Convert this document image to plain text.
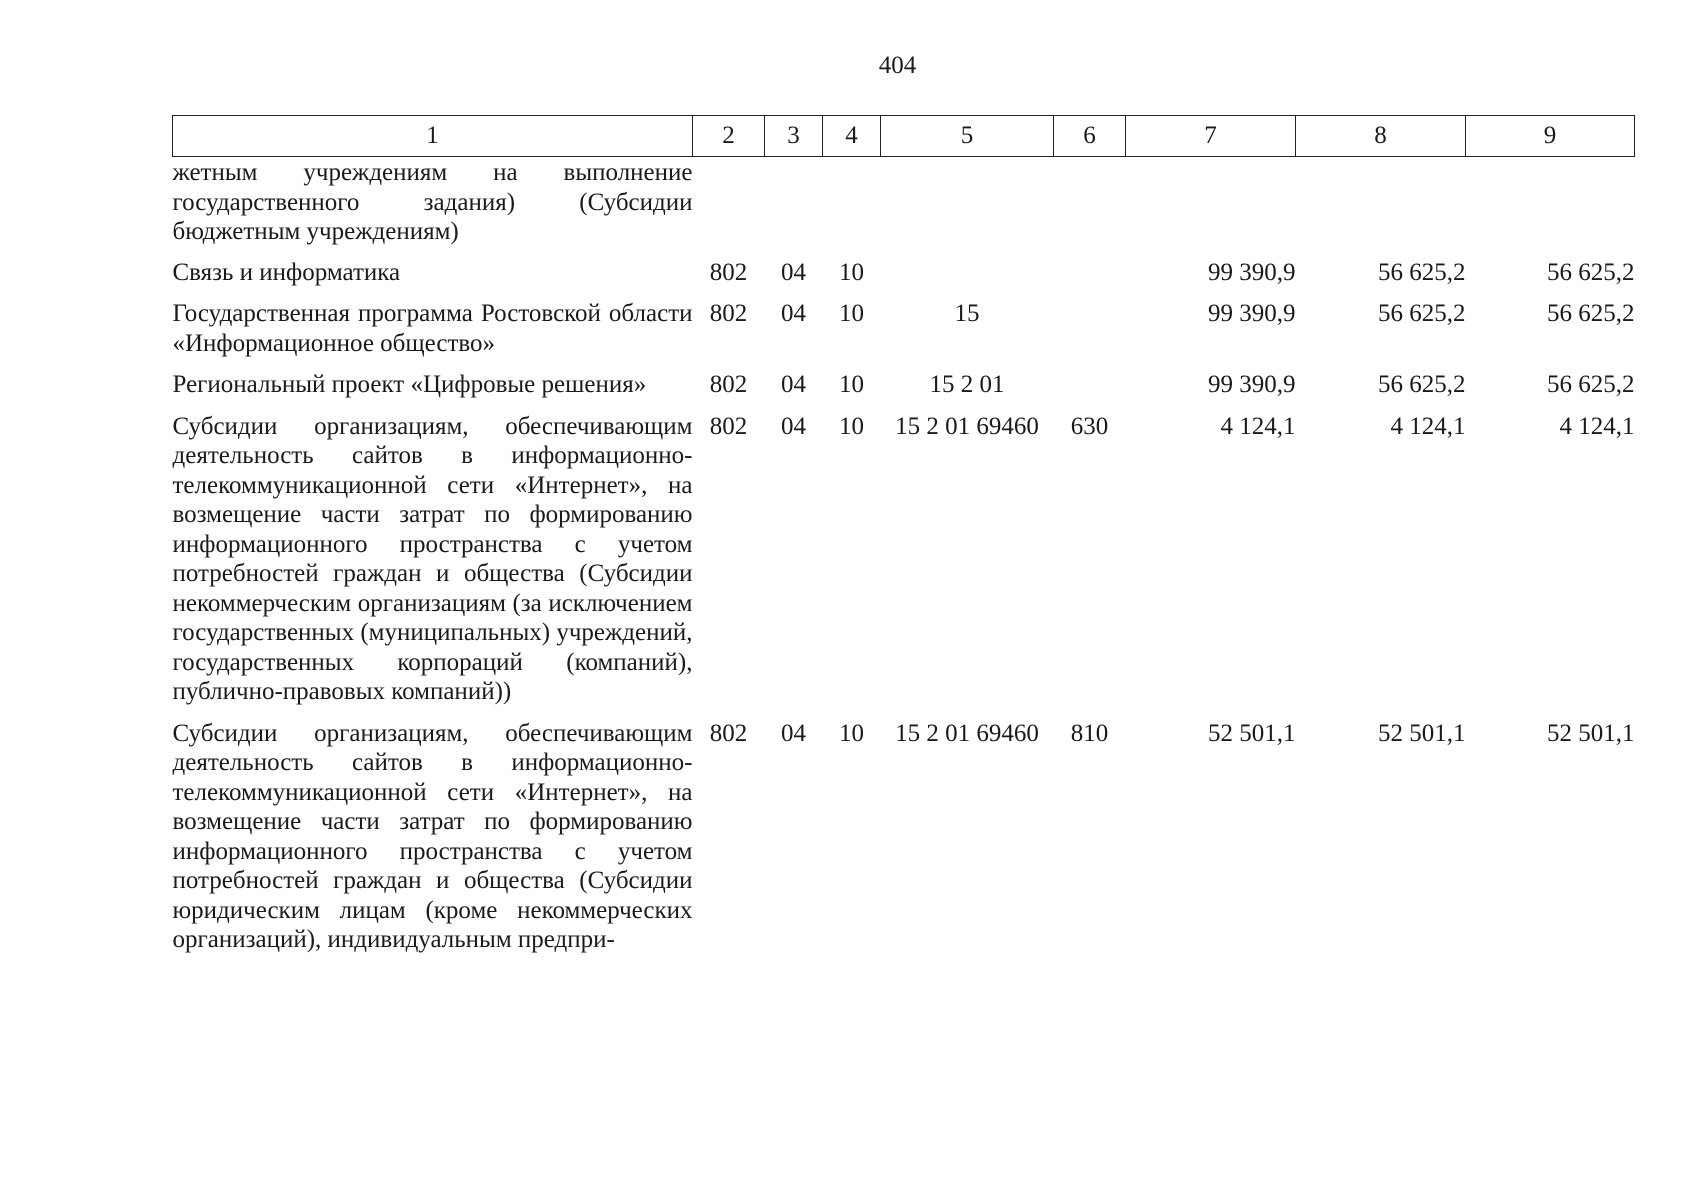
404
1	2	3	4	5	6	7	8	9
жетным учреждениям на выполнение государственного задания) (Субсидии бюджетным учреждениям)								
Связь и информатика	802	04	10			99 390,9	56 625,2	56 625,2
Государственная программа Ростовской области «Информационное общество»	802	04	10	15		99 390,9	56 625,2	56 625,2
Региональный проект «Цифровые решения»	802	04	10	15 2 01		99 390,9	56 625,2	56 625,2
Субсидии организациям, обеспечивающим деятельность сайтов в информационно-телекоммуникационной сети «Интернет», на возмещение части затрат по формированию информационного пространства с учетом потребностей граждан и общества (Субсидии некоммерческим организациям (за исключением государственных (муниципальных) учреждений, государственных корпораций (компаний), публично-правовых компаний))	802	04	10	15 2 01 69460	630	4 124,1	4 124,1	4 124,1
Субсидии организациям, обеспечивающим деятельность сайтов в информационно-телекоммуникационной сети «Интернет», на возмещение части затрат по формированию информационного пространства с учетом потребностей граждан и общества (Субсидии юридическим лицам (кроме некоммерческих организаций), индивидуальным предпри-	802	04	10	15 2 01 69460	810	52 501,1	52 501,1	52 501,1
